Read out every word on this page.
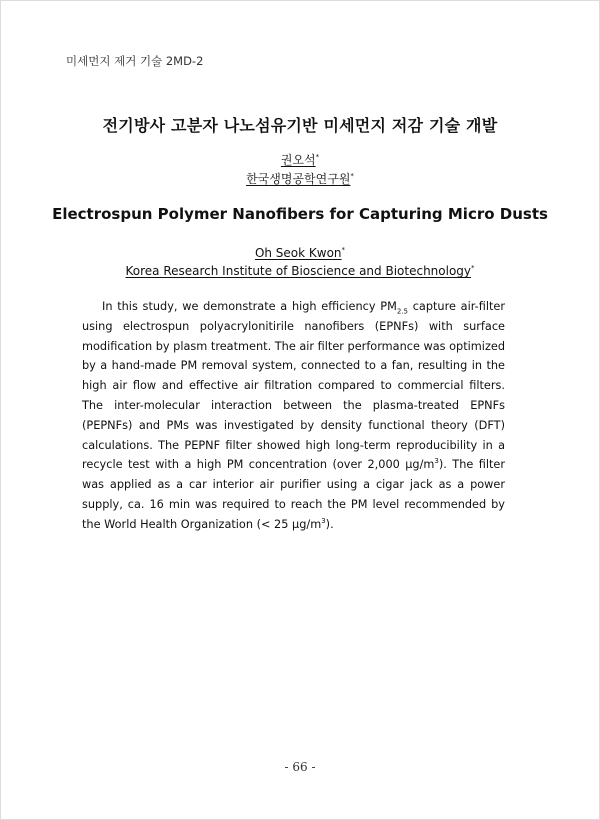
미세먼지 제거 기술 2MD-2
전기방사 고분자 나노섬유기반 미세먼지 저감 기술 개발
권오석*
한국생명공학연구원*
Electrospun Polymer Nanofibers for Capturing Micro Dusts
Oh Seok Kwon*
Korea Research Institute of Bioscience and Biotechnology*

In this study, we demonstrate a high efficiency $PM_{2.5}$ capture air-filter using electrospun polyacrylonitirile nanofibers (EPNFs) with surface modification by plasm treatment. The air filter performance was optimized by a hand-made PM removal system, connected to a fan, resulting in the high air flow and effective air filtration compared to commercial filters. The inter-molecular interaction between the plasma-treated EPNFs (PEPNFs) and PMs was investigated by density functional theory (DFT) calculations. The PEPNF filter showed high long-term reproducibility in a recycle test with a high PM concentration (over 2,000 $\mu g/m^3$). The filter was applied as a car interior air purifier using a cigar jack as a power supply, ca. 16 min was required to reach the PM level recommended by the World Health Organization (< 25 $\mu g/m^3$).

- 66 -
